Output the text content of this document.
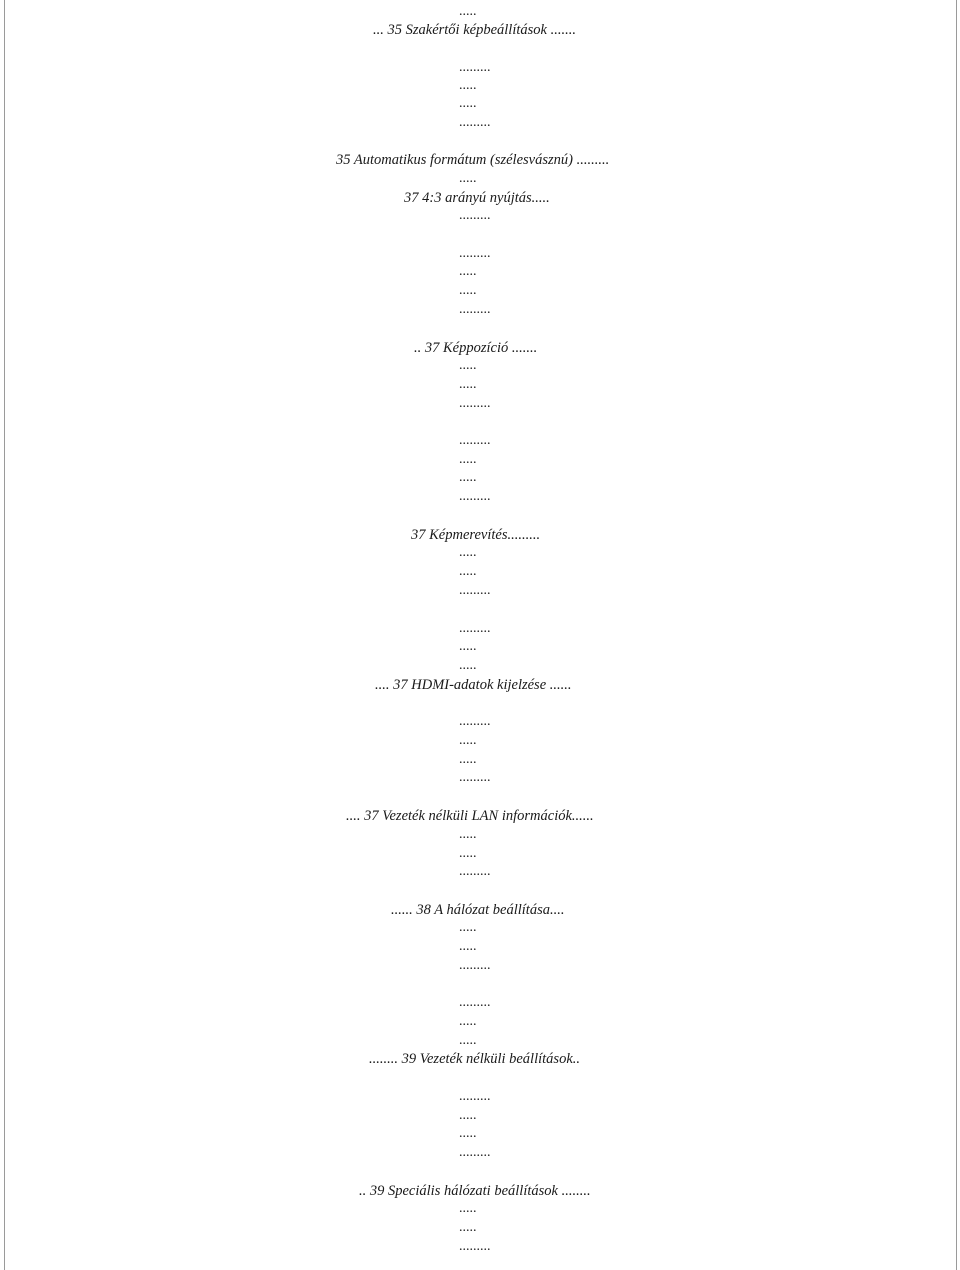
.....
... 35 Szakértői képbeállítások .......
.........
.....
.....
.........
35 Automatikus formátum (szélesvásznú) .........
.....
37 4:3 arányú nyújtás.....
.........
.........
.....
.....
.........
.. 37 Képpozíció .......
.....
.....
.........
.........
.....
.....
.........
37 Képmerevítés.........
.....
.....
.........
.........
.....
.....
.... 37 HDMI-adatok kijelzése ......
.........
.....
.....
.........
.... 37 Vezeték nélküli LAN információk......
.....
.....
.........
...... 38 A hálózat beállítása....
.....
.....
.........
.........
.....
.....
........ 39 Vezeték nélküli beállítások..
.........
.....
.....
.........
.. 39 Speciális hálózati beállítások ........
.....
.....
.........
